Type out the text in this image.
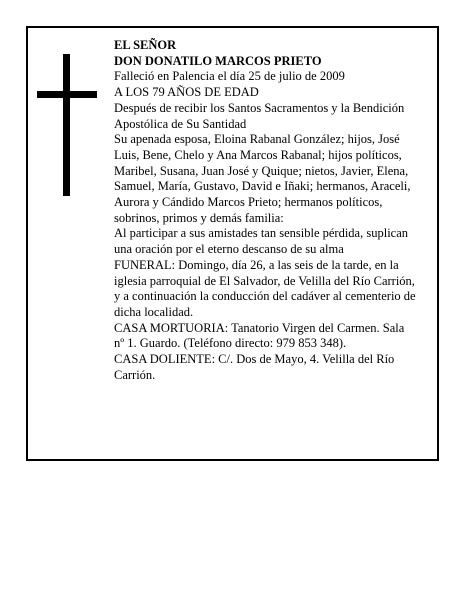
EL SEÑOR

DON DONATILO MARCOS PRIETO

Falleció en Palencia el día 25 de julio de 2009

A LOS 79 AÑOS DE EDAD

Después de recibir los Santos Sacramentos y la Bendición Apostólica de Su Santidad

Su apenada esposa, Eloina Rabanal González; hijos, José Luis, Bene, Chelo y Ana Marcos Rabanal; hijos políticos, Maribel, Susana, Juan José y Quique; nietos, Javier, Elena, Samuel, María, Gustavo, David e Iñaki; hermanos, Araceli, Aurora y Cándido Marcos Prieto; hermanos políticos, sobrinos, primos y demás familia:

Al participar a sus amistades tan sensible pérdida, suplican una oración por el eterno descanso de su alma

FUNERAL: Domingo, día 26, a las seis de la tarde, en la iglesia parroquial de El Salvador, de Velilla del Río Carrión, y a continuación la conducción del cadáver al cementerio de dicha localidad.

CASA MORTUORIA: Tanatorio Virgen del Carmen. Sala nº 1. Guardo. (Teléfono directo: 979 853 348).

CASA DOLIENTE: C/. Dos de Mayo, 4. Velilla del Río Carrión.
